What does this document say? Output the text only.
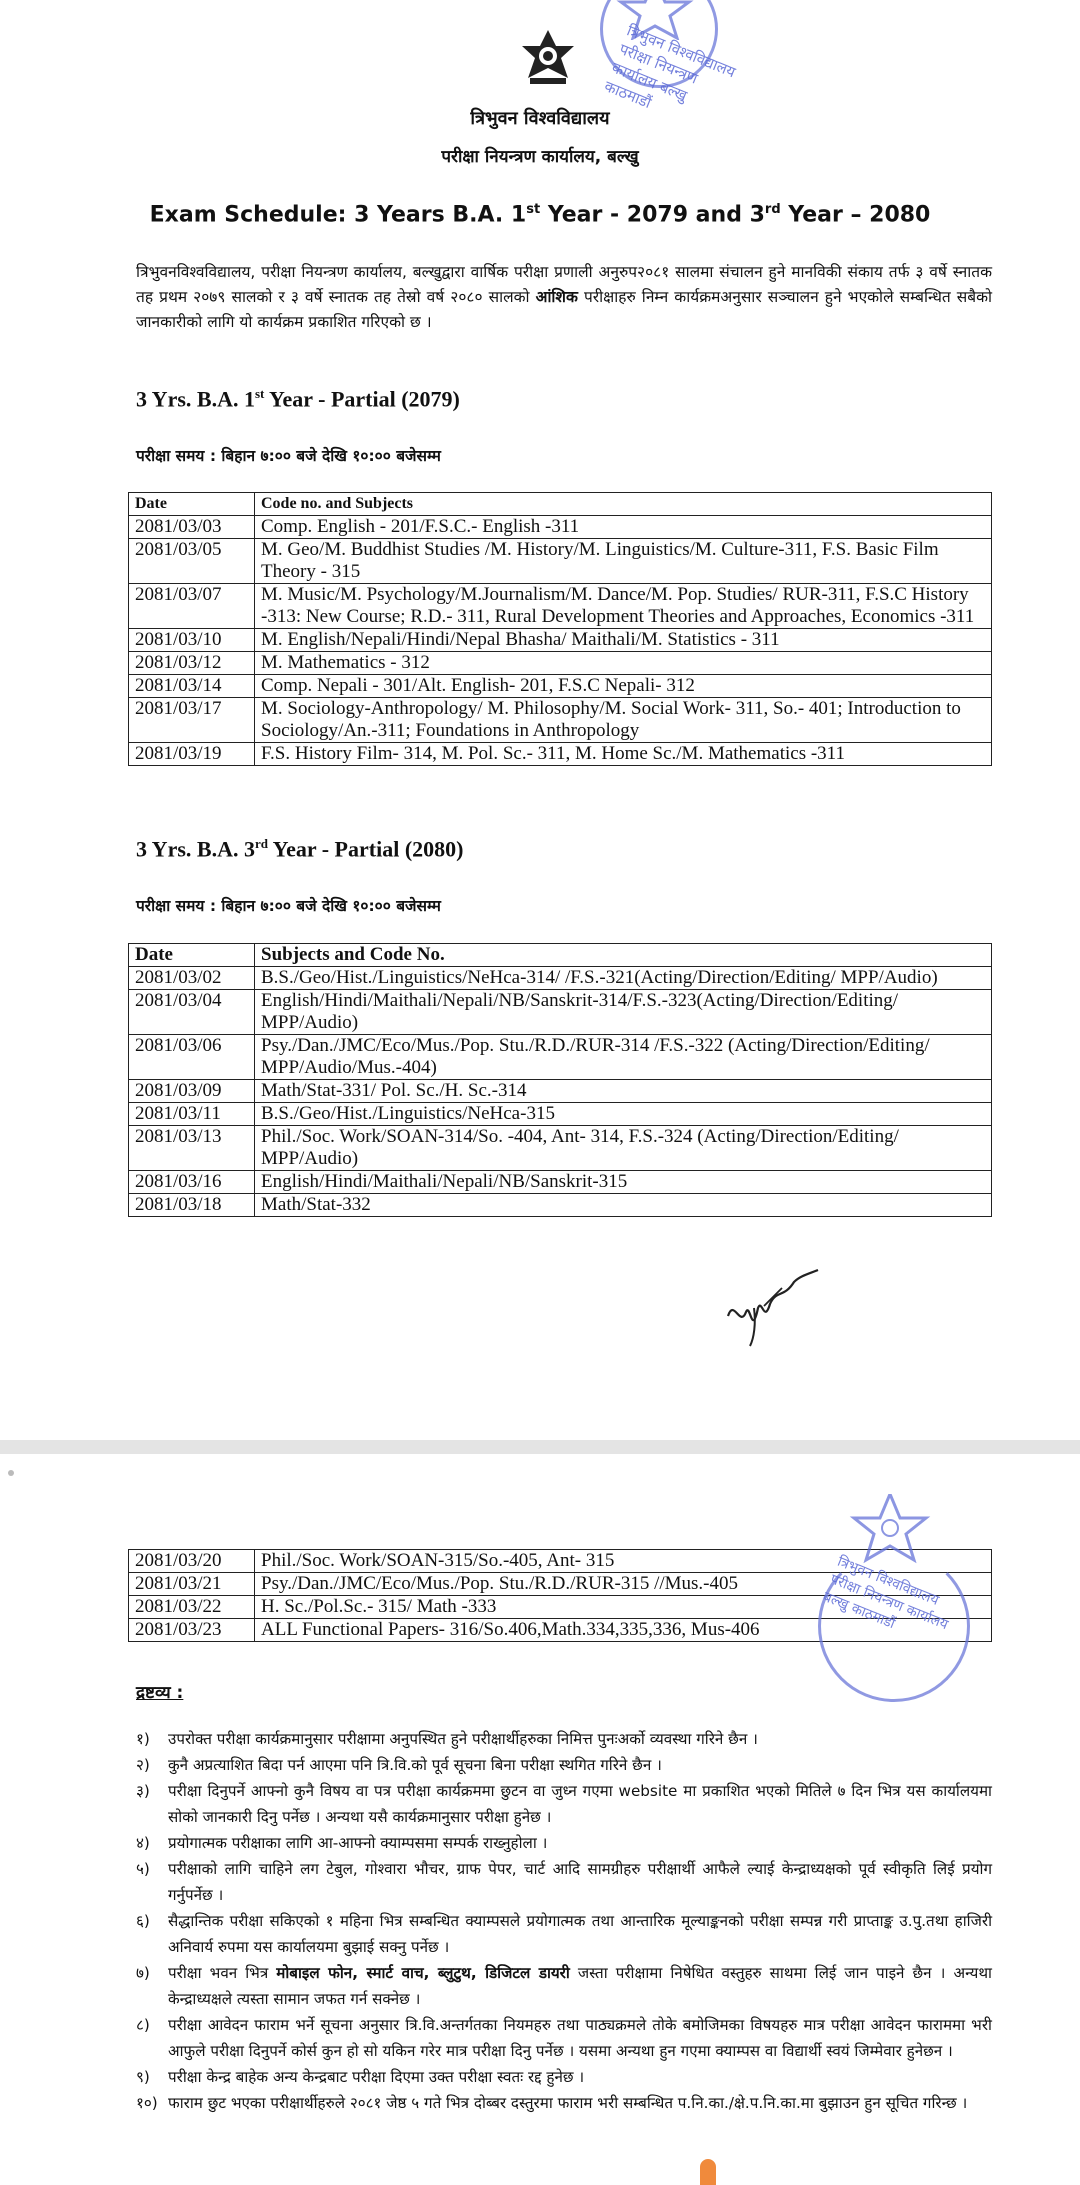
त्रिभुवन विश्वविद्यालय परीक्षा नियन्त्रण कार्यालय बल्खु काठमाडौं
त्रिभुवन विश्वविद्यालय
परीक्षा नियन्त्रण कार्यालय, बल्खु
Exam Schedule: 3 Years B.A. 1st Year - 2079 and 3rd Year – 2080
त्रिभुवनविश्वविद्यालय, परीक्षा नियन्त्रण कार्यालय, बल्खुद्वारा वार्षिक परीक्षा प्रणाली अनुरुप२०८१ सालमा संचालन हुने मानविकी संकाय तर्फ ३ वर्षे स्नातक तह प्रथम २०७९ सालको र ३ वर्षे स्नातक तह तेस्रो वर्ष २०८० सालको आंशिक परीक्षाहरु निम्न कार्यक्रमअनुसार सञ्चालन हुने भएकोले सम्बन्धित सबैको जानकारीको लागि यो कार्यक्रम प्रकाशित गरिएको छ ।
3 Yrs. B.A. 1st Year - Partial (2079)
परीक्षा समय : बिहान ७:०० बजे देखि १०:०० बजेसम्म
Date	Code no. and Subjects
2081/03/03	Comp. English - 201/F.S.C.- English -311
2081/03/05	M. Geo/M. Buddhist Studies /M. History/M. Linguistics/M. Culture-311, F.S. Basic Film Theory - 315
2081/03/07	M. Music/M. Psychology/M.Journalism/M. Dance/M. Pop. Studies/ RUR-311, F.S.C History -313: New Course; R.D.- 311, Rural Development Theories and Approaches, Economics -311
2081/03/10	M. English/Nepali/Hindi/Nepal Bhasha/ Maithali/M. Statistics - 311
2081/03/12	M. Mathematics - 312
2081/03/14	Comp. Nepali - 301/Alt. English- 201, F.S.C Nepali- 312
2081/03/17	M. Sociology-Anthropology/ M. Philosophy/M. Social Work- 311, So.- 401; Introduction to Sociology/An.-311; Foundations in Anthropology
2081/03/19	F.S. History Film- 314, M. Pol. Sc.- 311, M. Home Sc./M. Mathematics -311
3 Yrs. B.A. 3rd Year - Partial (2080)
परीक्षा समय : बिहान ७:०० बजे देखि १०:०० बजेसम्म
Date	Subjects and Code No.
2081/03/02	B.S./Geo/Hist./Linguistics/NeHca-314/ /F.S.-321(Acting/Direction/Editing/ MPP/Audio)
2081/03/04	English/Hindi/Maithali/Nepali/NB/Sanskrit-314/F.S.-323(Acting/Direction/Editing/ MPP/Audio)
2081/03/06	Psy./Dan./JMC/Eco/Mus./Pop. Stu./R.D./RUR-314 /F.S.-322 (Acting/Direction/Editing/ MPP/Audio/Mus.-404)
2081/03/09	Math/Stat-331/ Pol. Sc./H. Sc.-314
2081/03/11	B.S./Geo/Hist./Linguistics/NeHca-315
2081/03/13	Phil./Soc. Work/SOAN-314/So. -404, Ant- 314, F.S.-324 (Acting/Direction/Editing/ MPP/Audio)
2081/03/16	English/Hindi/Maithali/Nepali/NB/Sanskrit-315
2081/03/18	Math/Stat-332
2081/03/20	Phil./Soc. Work/SOAN-315/So.-405, Ant- 315
2081/03/21	Psy./Dan./JMC/Eco/Mus./Pop. Stu./R.D./RUR-315 //Mus.-405
2081/03/22	H. Sc./Pol.Sc.- 315/ Math -333
2081/03/23	ALL Functional Papers- 316/So.406,Math.334,335,336, Mus-406
त्रिभुवन विश्वविद्यालय परीक्षा नियन्त्रण कार्यालय बल्खु काठमाडौं
द्रष्टव्य :
१) उपरोक्त परीक्षा कार्यक्रमानुसार परीक्षामा अनुपस्थित हुने परीक्षार्थीहरुका निमित्त पुनःअर्को व्यवस्था गरिने छैन ।
२) कुनै अप्रत्याशित बिदा पर्न आएमा पनि त्रि.वि.को पूर्व सूचना बिना परीक्षा स्थगित गरिने छैन ।
३) परीक्षा दिनुपर्ने आफ्नो कुनै विषय वा पत्र परीक्षा कार्यक्रममा छुटन वा जुध्न गएमा website मा प्रकाशित भएको मितिले ७ दिन भित्र यस कार्यालयमा सोको जानकारी दिनु पर्नेछ । अन्यथा यसै कार्यक्रमानुसार परीक्षा हुनेछ ।
४) प्रयोगात्मक परीक्षाका लागि आ-आफ्नो क्याम्पसमा सम्पर्क राख्नुहोला ।
५) परीक्षाको लागि चाहिने लग टेबुल, गोश्वारा भौचर, ग्राफ पेपर, चार्ट आदि सामग्रीहरु परीक्षार्थी आफैले ल्याई केन्द्राध्यक्षको पूर्व स्वीकृति लिई प्रयोग गर्नुपर्नेछ ।
६) सैद्धान्तिक परीक्षा सकिएको १ महिना भित्र सम्बन्धित क्याम्पसले प्रयोगात्मक तथा आन्तारिक मूल्याङ्कनको परीक्षा सम्पन्न गरी प्राप्ताङ्क उ.पु.तथा हाजिरी अनिवार्य रुपमा यस कार्यालयमा बुझाई सक्नु पर्नेछ ।
७) परीक्षा भवन भित्र मोबाइल फोन, स्मार्ट वाच, ब्लुटुथ, डिजिटल डायरी जस्ता परीक्षामा निषेधित वस्तुहरु साथमा लिई जान पाइने छैन । अन्यथा केन्द्राध्यक्षले त्यस्ता सामान जफत गर्न सक्नेछ ।
८) परीक्षा आवेदन फाराम भर्ने सूचना अनुसार त्रि.वि.अन्तर्गतका नियमहरु तथा पाठ्यक्रमले तोके बमोजिमका विषयहरु मात्र परीक्षा आवेदन फाराममा भरी आफुले परीक्षा दिनुपर्ने कोर्स कुन हो सो यकिन गरेर मात्र परीक्षा दिनु पर्नेछ । यसमा अन्यथा हुन गएमा क्याम्पस वा विद्यार्थी स्वयं जिम्मेवार हुनेछन ।
९) परीक्षा केन्द्र बाहेक अन्य केन्द्रबाट परीक्षा दिएमा उक्त परीक्षा स्वतः रद्द हुनेछ ।
१०) फाराम छुट भएका परीक्षार्थीहरुले २०८१ जेष्ठ ५ गते भित्र दोब्बर दस्तुरमा फाराम भरी सम्बन्धित प.नि.का./क्षे.प.नि.का.मा बुझाउन हुन सूचित गरिन्छ ।
